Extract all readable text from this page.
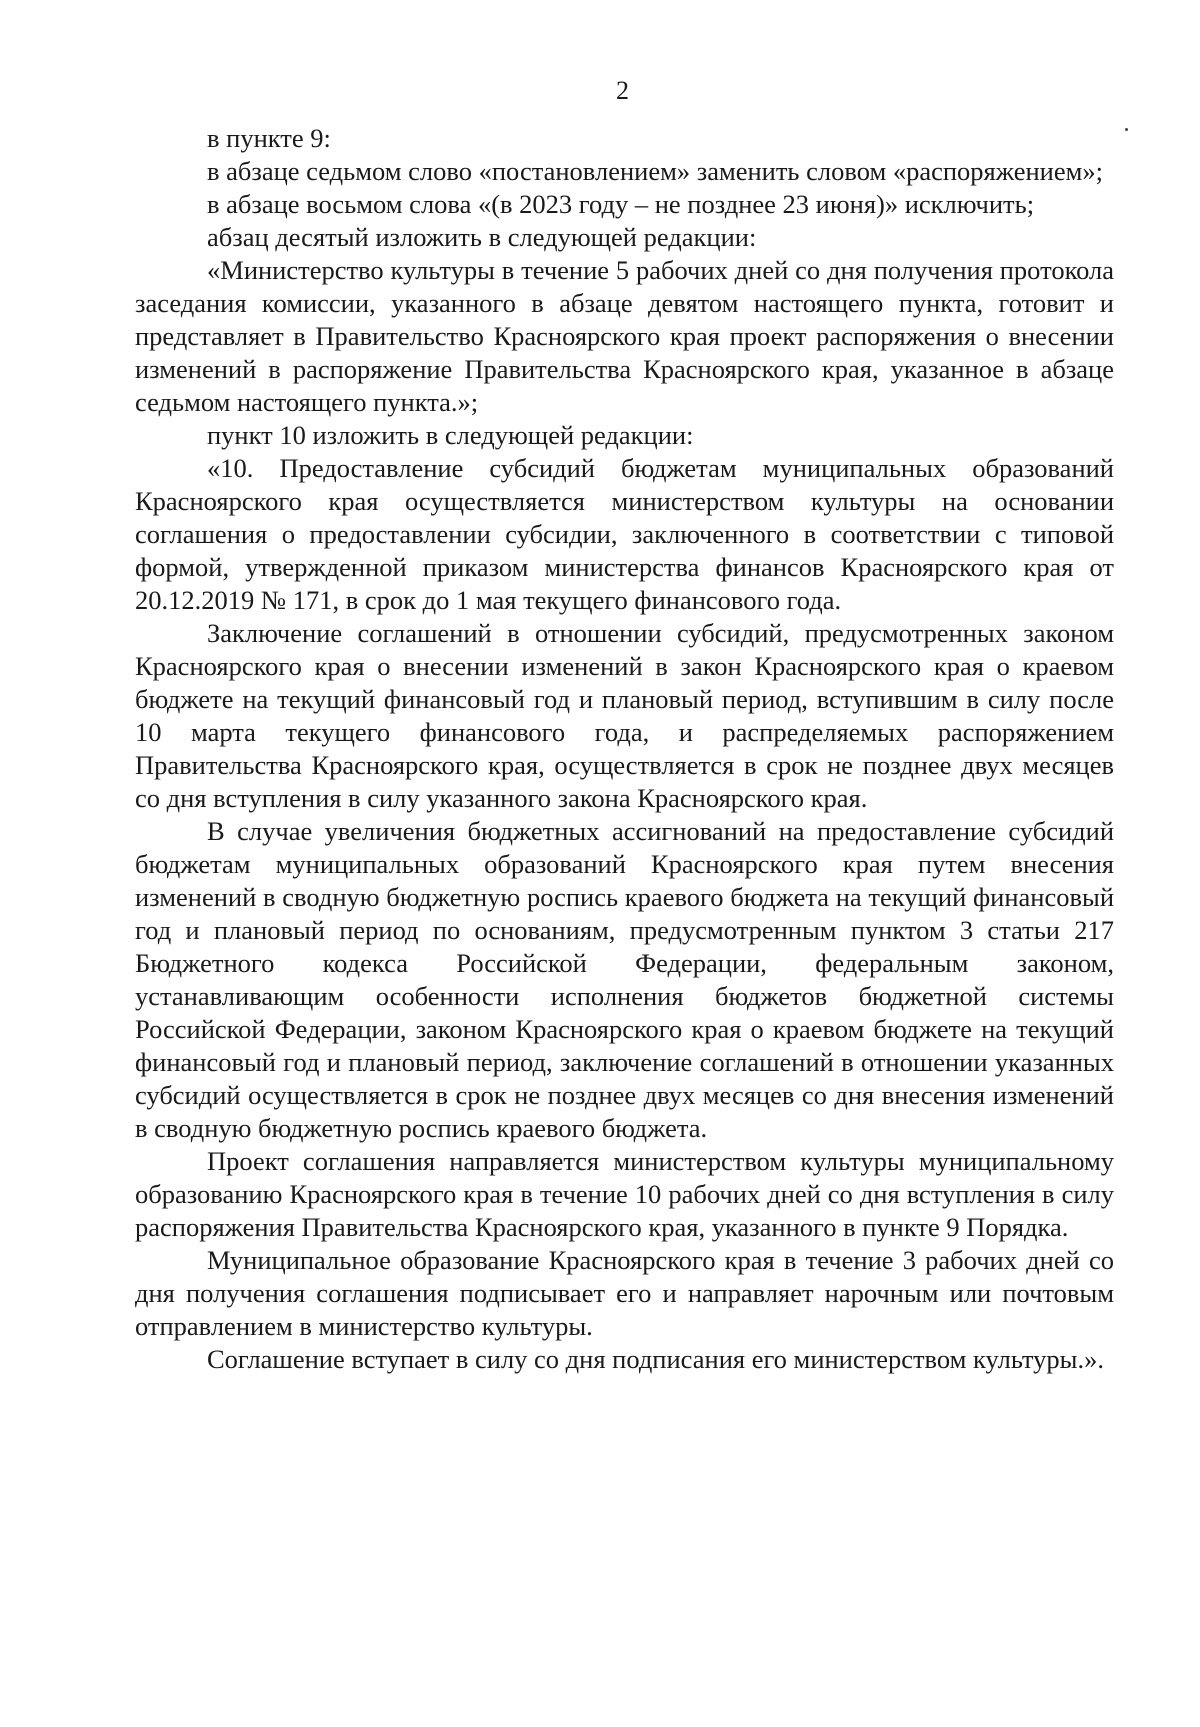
2

в пункте 9:

в абзаце седьмом слово «постановлением» заменить словом «распоряжением»;

в абзаце восьмом слова «(в 2023 году – не позднее 23 июня)» исключить;

абзац десятый изложить в следующей редакции:

«Министерство культуры в течение 5 рабочих дней со дня получения протокола заседания комиссии, указанного в абзаце девятом настоящего пункта, готовит и представляет в Правительство Красноярского края проект распоряжения о внесении изменений в распоряжение Правительства Красноярского края, указанное в абзаце седьмом настоящего пункта.»;

пункт 10 изложить в следующей редакции:

«10. Предоставление субсидий бюджетам муниципальных образований Красноярского края осуществляется министерством культуры на основании соглашения о предоставлении субсидии, заключенного в соответствии с типовой формой, утвержденной приказом министерства финансов Красноярского края от 20.12.2019 № 171, в срок до 1 мая текущего финансового года.

Заключение соглашений в отношении субсидий, предусмотренных законом Красноярского края о внесении изменений в закон Красноярского края о краевом бюджете на текущий финансовый год и плановый период, вступившим в силу после 10 марта текущего финансового года, и распределяемых распоряжением Правительства Красноярского края, осуществляется в срок не позднее двух месяцев со дня вступления в силу указанного закона Красноярского края.

В случае увеличения бюджетных ассигнований на предоставление субсидий бюджетам муниципальных образований Красноярского края путем внесения изменений в сводную бюджетную роспись краевого бюджета на текущий финансовый год и плановый период по основаниям, предусмотренным пунктом 3 статьи 217 Бюджетного кодекса Российской Федерации, федеральным законом, устанавливающим особенности исполнения бюджетов бюджетной системы Российской Федерации, законом Красноярского края о краевом бюджете на текущий финансовый год и плановый период, заключение соглашений в отношении указанных субсидий осуществляется в срок не позднее двух месяцев со дня внесения изменений в сводную бюджетную роспись краевого бюджета.

Проект соглашения направляется министерством культуры муниципальному образованию Красноярского края в течение 10 рабочих дней со дня вступления в силу распоряжения Правительства Красноярского края, указанного в пункте 9 Порядка.

Муниципальное образование Красноярского края в течение 3 рабочих дней со дня получения соглашения подписывает его и направляет нарочным или почтовым отправлением в министерство культуры.

Соглашение вступает в силу со дня подписания его министерством культуры.».
